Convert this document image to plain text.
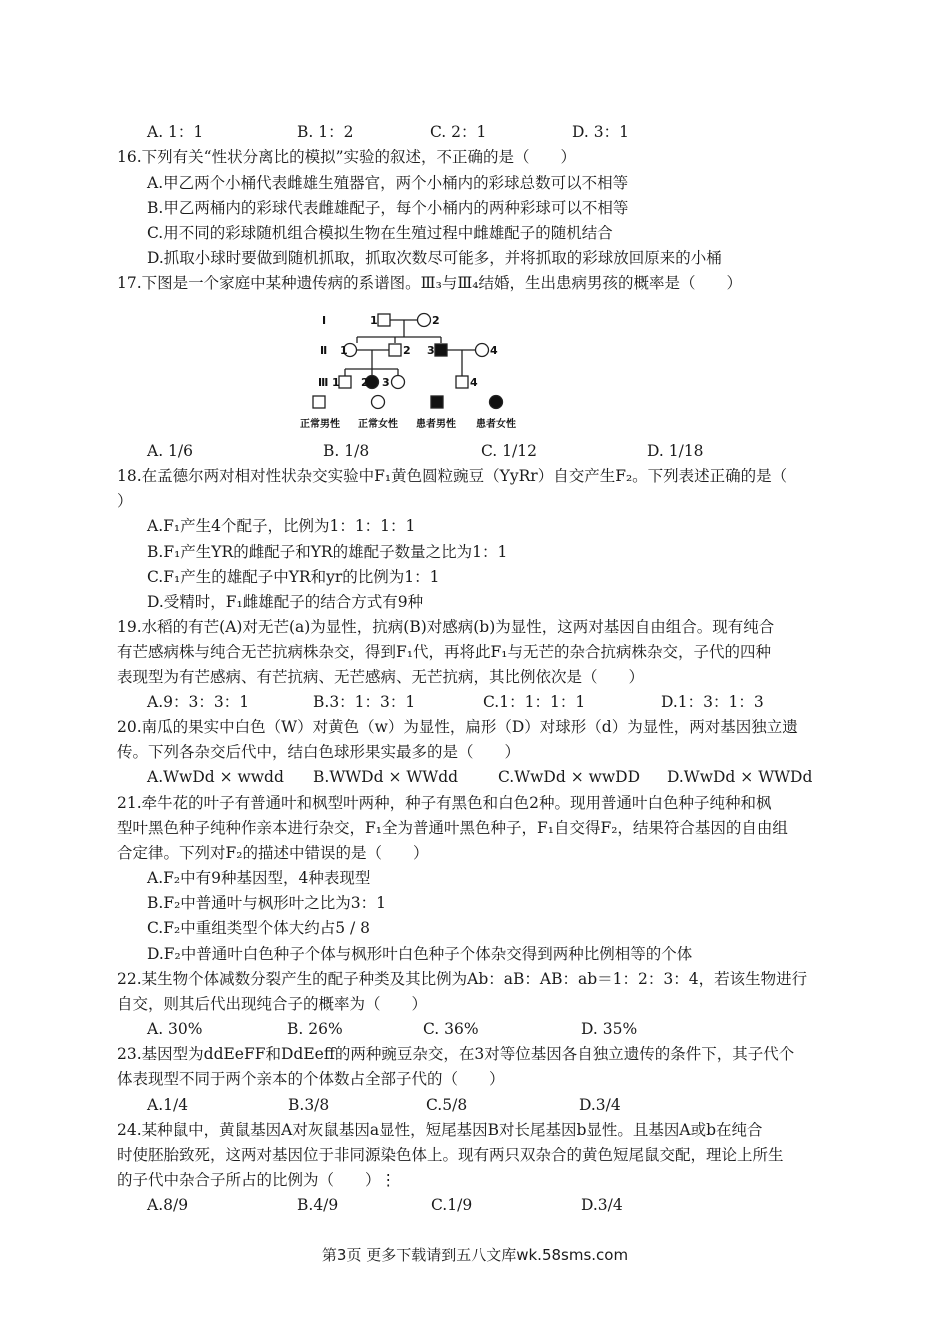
A. 1：1	B. 1：2	C. 2：1	D. 3：1
16.下列有关“性状分离比的模拟”实验的叙述，不正确的是（　　）
A.甲乙两个小桶代表雌雄生殖器官，两个小桶内的彩球总数可以不相等
B.甲乙两桶内的彩球代表雌雄配子，每个小桶内的两种彩球可以不相等
C.用不同的彩球随机组合模拟生物在生殖过程中雌雄配子的随机结合
D.抓取小球时要做到随机抓取，抓取次数尽可能多，并将抓取的彩球放回原来的小桶
17.下图是一个家庭中某种遗传病的系谱图。Ⅲ₃与Ⅲ₄结婚，生出患病男孩的概率是（　　）
Ⅰ
Ⅱ
Ⅲ
1	2
1	2 3	4
1 2 3	4
正常男性 正常女性 患者男性 患者女性
A. 1/6	B. 1/8	C. 1/12	D. 1/18
18.在孟德尔两对相对性状杂交实验中F₁黄色圆粒豌豆（YyRr）自交产生F₂。下列表述正确的是（
）
A.F₁产生4个配子，比例为1：1：1：1
B.F₁产生YR的雌配子和YR的雄配子数量之比为1：1
C.F₁产生的雄配子中YR和yr的比例为1：1
D.受精时，F₁雌雄配子的结合方式有9种
19.水稻的有芒(A)对无芒(a)为显性，抗病(B)对感病(b)为显性，这两对基因自由组合。现有纯合
有芒感病株与纯合无芒抗病株杂交，得到F₁代，再将此F₁与无芒的杂合抗病株杂交，子代的四种
表现型为有芒感病、有芒抗病、无芒感病、无芒抗病，其比例依次是（　　）
A.9：3：3：1	B.3：1：3：1	C.1：1：1：1	D.1：3：1：3
20.南瓜的果实中白色（W）对黄色（w）为显性，扁形（D）对球形（d）为显性，两对基因独立遗
传。下列各杂交后代中，结白色球形果实最多的是（　　）
A.WwDd × wwdd B.WWDd × WWdd	C.WwDd × wwDD D.WwDd × WWDd
21.牵牛花的叶子有普通叶和枫型叶两种，种子有黑色和白色2种。现用普通叶白色种子纯种和枫
型叶黑色种子纯种作亲本进行杂交，F₁全为普通叶黑色种子，F₁自交得F₂，结果符合基因的自由组
合定律。下列对F₂的描述中错误的是（　　）
A.F₂中有9种基因型，4种表现型
B.F₂中普通叶与枫形叶之比为3：1
C.F₂中重组类型个体大约占5 / 8
D.F₂中普通叶白色种子个体与枫形叶白色种子个体杂交得到两种比例相等的个体
22.某生物个体减数分裂产生的配子种类及其比例为Ab：aB：AB：ab＝1：2：3：4，若该生物进行
自交，则其后代出现纯合子的概率为（　　）
A. 30%	B. 26%	C. 36%	D. 35%
23.基因型为ddEeFF和DdEeff的两种豌豆杂交，在3对等位基因各自独立遗传的条件下，其子代个
体表现型不同于两个亲本的个体数占全部子代的（　　）
A.1/4	B.3/8	C.5/8	D.3/4
24.某种鼠中，黄鼠基因A对灰鼠基因a显性，短尾基因B对长尾基因b显性。且基因A或b在纯合
时使胚胎致死，这两对基因位于非同源染色体上。现有两只双杂合的黄色短尾鼠交配，理论上所生
的子代中杂合子所占的比例为（　　）⋮
A.8/9	B.4/9	C.1/9	D.3/4
第3页 更多下载请到五八文库wk.58sms.com
